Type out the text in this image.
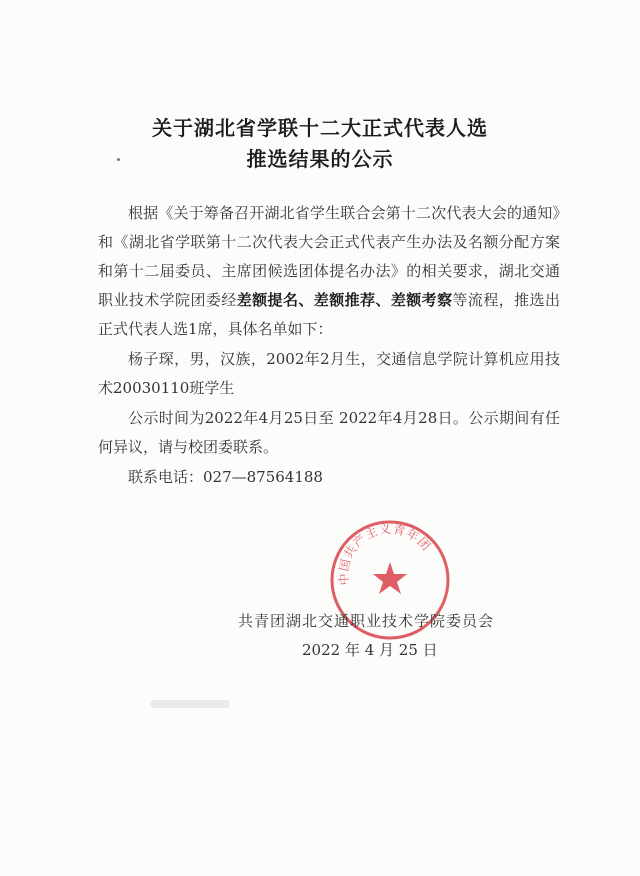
关于湖北省学联十二大正式代表人选
推选结果的公示

根据《关于筹备召开湖北省学生联合会第十二次代表大会的通知》和《湖北省学联第十二次代表大会正式代表产生办法及名额分配方案和第十二届委员、主席团候选团体提名办法》的相关要求，湖北交通职业技术学院团委经差额提名、差额推荐、差额考察等流程，推选出正式代表人选1席，具体名单如下：

杨子琛，男，汉族，2002年2月生，交通信息学院计算机应用技术20030110班学生

公示时间为2022年4月25日至 2022年4月28日。公示期间有任何异议，请与校团委联系。

联系电话：027—87564188

中国共产主义青年团
共青团湖北交通职业技术学院委员会
2022 年 4 月 25 日
